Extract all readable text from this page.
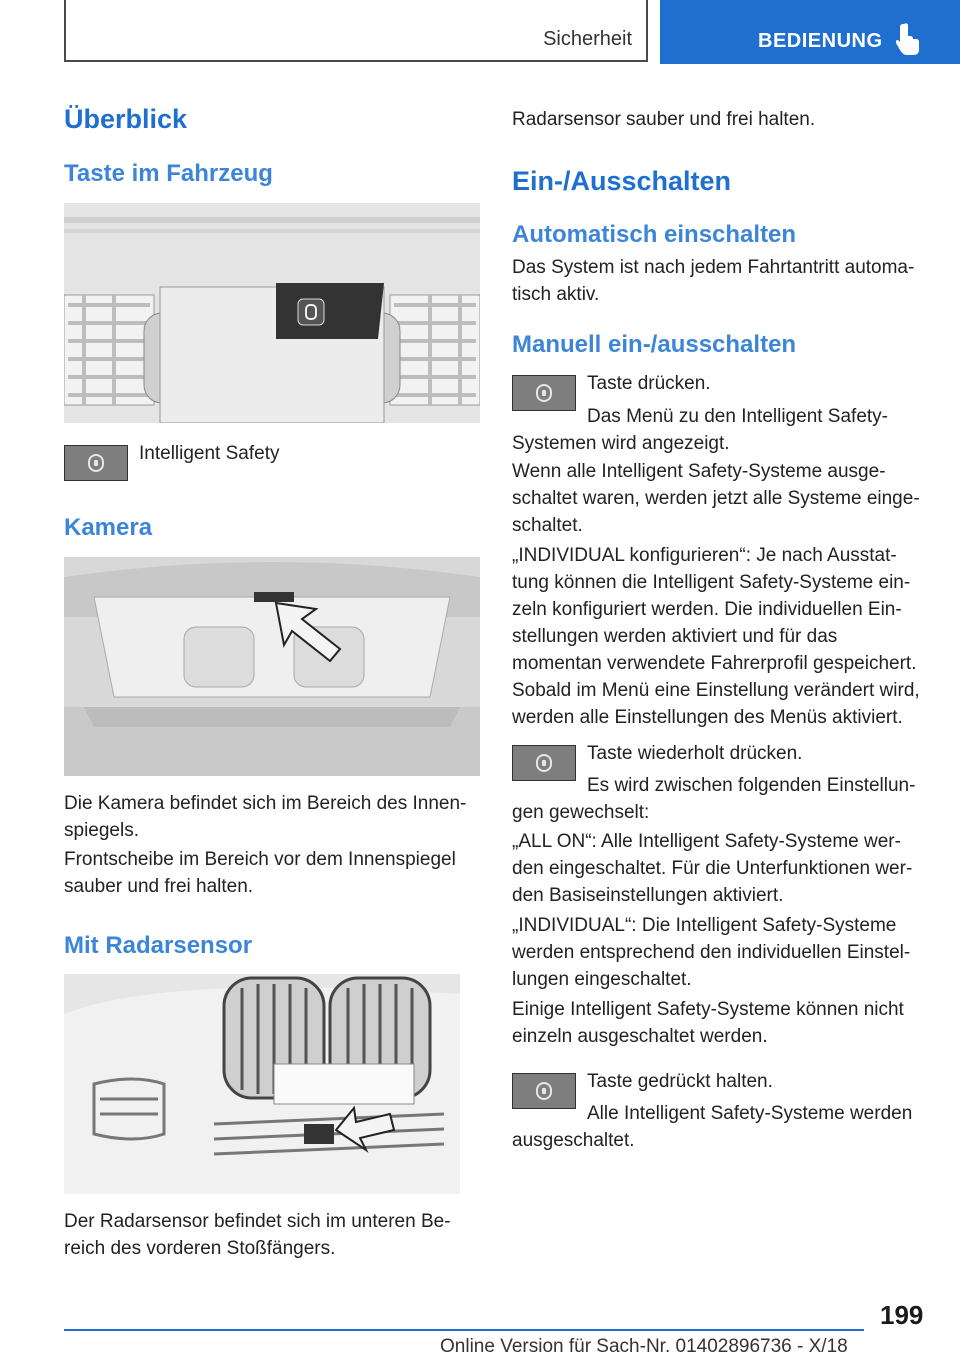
Sicherheit	BEDIENUNG
Überblick
Taste im Fahrzeug
Intelligent Safety
Kamera
Die Kamera befindet sich im Bereich des Innen‐spiegels.
Frontscheibe im Bereich vor dem Innenspiegel sauber und frei halten.
Mit Radarsensor
Der Radarsensor befindet sich im unteren Be‐reich des vorderen Stoßfängers.
Radarsensor sauber und frei halten.
Ein-/Ausschalten
Automatisch einschalten
Das System ist nach jedem Fahrtantritt automa‐tisch aktiv.
Manuell ein-/ausschalten
Taste drücken.
Das Menü zu den Intelligent Safety-Systemen wird angezeigt.
Wenn alle Intelligent Safety-Systeme ausge‐schaltet waren, werden jetzt alle Systeme einge‐schaltet.
„INDIVIDUAL konfigurieren“: Je nach Ausstat‐tung können die Intelligent Safety-Systeme ein‐zeln konfiguriert werden. Die individuellen Ein‐stellungen werden aktiviert und für das momentan verwendete Fahrerprofil gespeichert. Sobald im Menü eine Einstellung verändert wird, werden alle Einstellungen des Menüs aktiviert.
Taste wiederholt drücken.
Es wird zwischen folgenden Einstellun‐gen gewechselt:
„ALL ON“: Alle Intelligent Safety-Systeme wer‐den eingeschaltet. Für die Unterfunktionen wer‐den Basiseinstellungen aktiviert.
„INDIVIDUAL“: Die Intelligent Safety-Systeme werden entsprechend den individuellen Einstel‐lungen eingeschaltet.
Einige Intelligent Safety-Systeme können nicht einzeln ausgeschaltet werden.
Taste gedrückt halten.
Alle Intelligent Safety-Systeme werden ausgeschaltet.
199
Online Version für Sach-Nr. 01402896736 - X/18
